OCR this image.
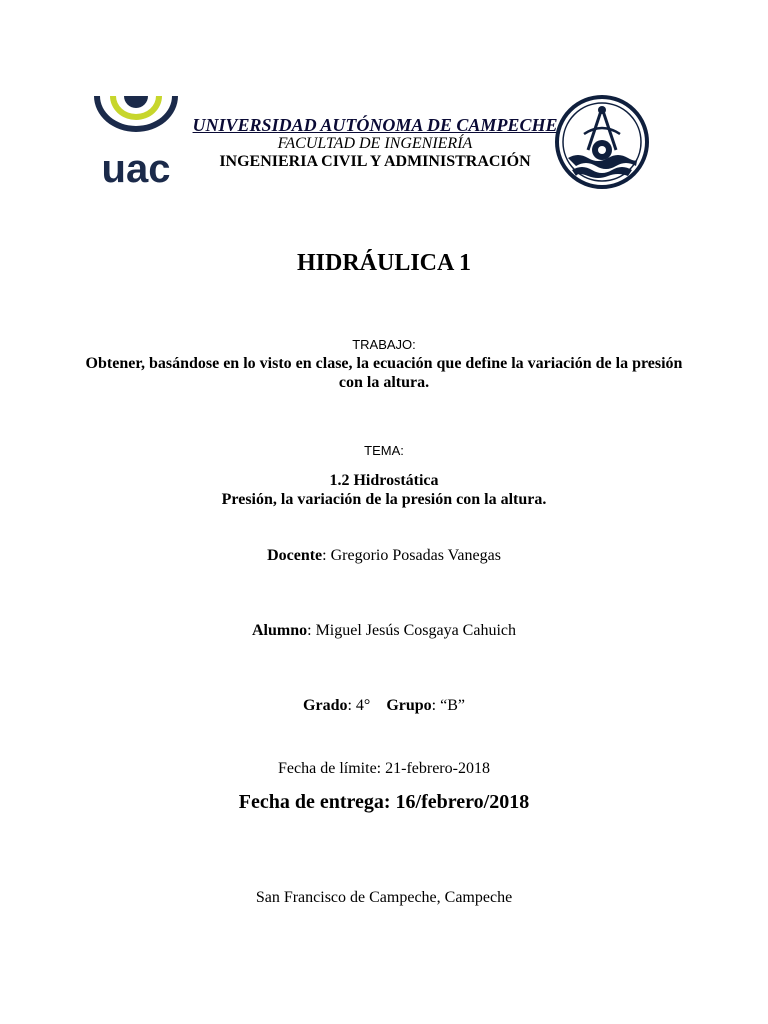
uac
UNIVERSIDAD AUTÓNOMA DE CAMPECHE
FACULTAD DE INGENIERÍA
INGENIERIA CIVIL Y ADMINISTRACIÓN
HIDRÁULICA 1
TRABAJO:
Obtener, basándose en lo visto en clase, la ecuación que define la variación de la presión con la altura.
TEMA:
1.2 Hidrostática
Presión, la variación de la presión con la altura.
Docente: Gregorio Posadas Vanegas
Alumno: Miguel Jesús Cosgaya Cahuich
Grado: 4° Grupo: “B”
Fecha de límite: 21-febrero-2018
Fecha de entrega: 16/febrero/2018
San Francisco de Campeche, Campeche
